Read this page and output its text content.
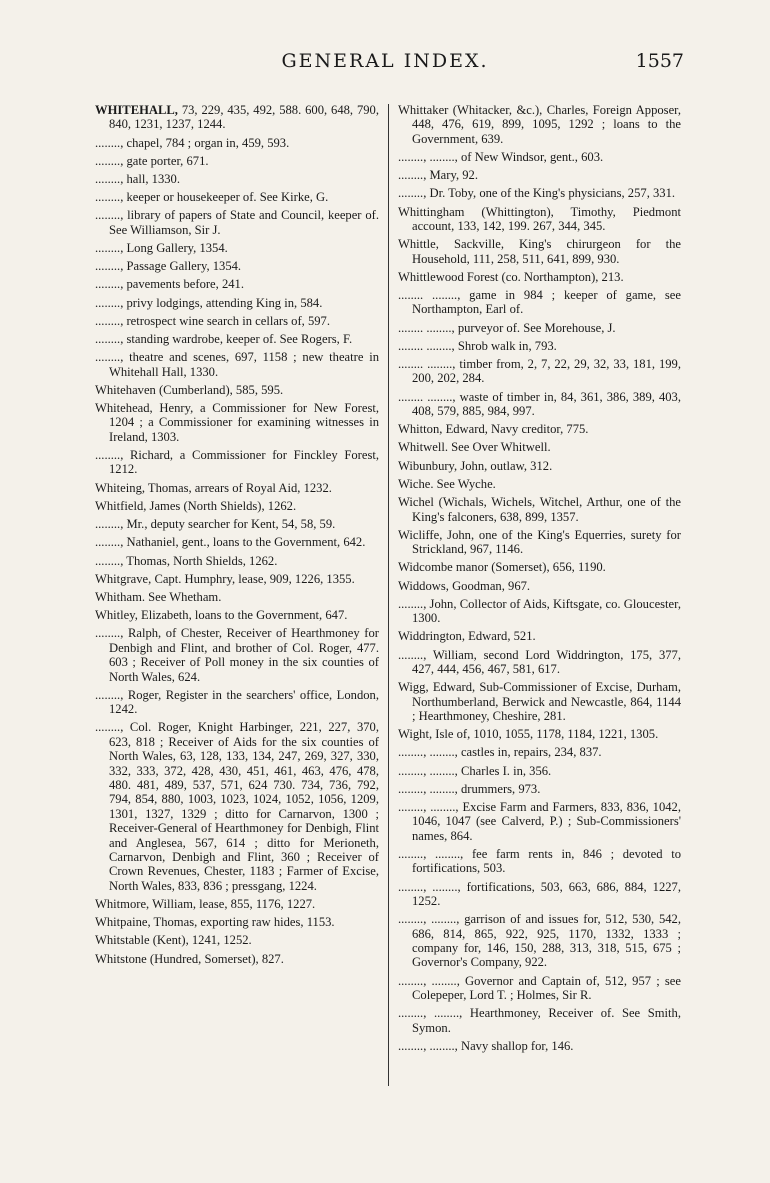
GENERAL INDEX.	1557

WHITEHALL, 73, 229, 435, 492, 588. 600, 648, 790, 840, 1231, 1237, 1244.

........, chapel, 784 ; organ in, 459, 593.

........, gate porter, 671.

........, hall, 1330.

........, keeper or housekeeper of. See Kirke, G.

........, library of papers of State and Council, keeper of. See Williamson, Sir J.

........, Long Gallery, 1354.

........, Passage Gallery, 1354.

........, pavements before, 241.

........, privy lodgings, attending King in, 584.

........, retrospect wine search in cellars of, 597.

........, standing wardrobe, keeper of. See Rogers, F.

........, theatre and scenes, 697, 1158 ; new theatre in Whitehall Hall, 1330.

Whitehaven (Cumberland), 585, 595.

Whitehead, Henry, a Commissioner for New Forest, 1204 ; a Commissioner for examining witnesses in Ireland, 1303.

........, Richard, a Commissioner for Finckley Forest, 1212.

Whiteing, Thomas, arrears of Royal Aid, 1232.

Whitfield, James (North Shields), 1262.

........, Mr., deputy searcher for Kent, 54, 58, 59.

........, Nathaniel, gent., loans to the Government, 642.

........, Thomas, North Shields, 1262.

Whitgrave, Capt. Humphry, lease, 909, 1226, 1355.

Whitham. See Whetham.

Whitley, Elizabeth, loans to the Government, 647.

........, Ralph, of Chester, Receiver of Hearthmoney for Denbigh and Flint, and brother of Col. Roger, 477. 603 ; Receiver of Poll money in the six counties of North Wales, 624.

........, Roger, Register in the searchers' office, London, 1242.

........, Col. Roger, Knight Harbinger, 221, 227, 370, 623, 818 ; Receiver of Aids for the six counties of North Wales, 63, 128, 133, 134, 247, 269, 327, 330, 332, 333, 372, 428, 430, 451, 461, 463, 476, 478, 480. 481, 489, 537, 571, 624 730. 734, 736, 792, 794, 854, 880, 1003, 1023, 1024, 1052, 1056, 1209, 1301, 1327, 1329 ; ditto for Carnarvon, 1300 ; Receiver-General of Hearthmoney for Denbigh, Flint and Anglesea, 567, 614 ; ditto for Merioneth, Carnarvon, Denbigh and Flint, 360 ; Receiver of Crown Revenues, Chester, 1183 ; Farmer of Excise, North Wales, 833, 836 ; pressgang, 1224.

Whitmore, William, lease, 855, 1176, 1227.

Whitpaine, Thomas, exporting raw hides, 1153.

Whitstable (Kent), 1241, 1252.

Whitstone (Hundred, Somerset), 827.

Whittaker (Whitacker, &c.), Charles, Foreign Apposer, 448, 476, 619, 899, 1095, 1292 ; loans to the Government, 639.

........, ........, of New Windsor, gent., 603.

........, Mary, 92.

........, Dr. Toby, one of the King's physicians, 257, 331.

Whittingham (Whittington), Timothy, Piedmont account, 133, 142, 199. 267, 344, 345.

Whittle, Sackville, King's chirurgeon for the Household, 111, 258, 511, 641, 899, 930.

Whittlewood Forest (co. Northampton), 213.

........ ........, game in 984 ; keeper of game, see Northampton, Earl of.

........ ........, purveyor of. See Morehouse, J.

........ ........, Shrob walk in, 793.

........ ........, timber from, 2, 7, 22, 29, 32, 33, 181, 199, 200, 202, 284.

........ ........, waste of timber in, 84, 361, 386, 389, 403, 408, 579, 885, 984, 997.

Whitton, Edward, Navy creditor, 775.

Whitwell. See Over Whitwell.

Wibunbury, John, outlaw, 312.

Wiche. See Wyche.

Wichel (Wichals, Wichels, Witchel, Arthur, one of the King's falconers, 638, 899, 1357.

Wicliffe, John, one of the King's Equerries, surety for Strickland, 967, 1146.

Widcombe manor (Somerset), 656, 1190.

Widdows, Goodman, 967.

........, John, Collector of Aids, Kiftsgate, co. Gloucester, 1300.

Widdrington, Edward, 521.

........, William, second Lord Widdrington, 175, 377, 427, 444, 456, 467, 581, 617.

Wigg, Edward, Sub-Commissioner of Excise, Durham, Northumberland, Berwick and Newcastle, 864, 1144 ; Hearthmoney, Cheshire, 281.

Wight, Isle of, 1010, 1055, 1178, 1184, 1221, 1305.

........, ........, castles in, repairs, 234, 837.

........, ........, Charles I. in, 356.

........, ........, drummers, 973.

........, ........, Excise Farm and Farmers, 833, 836, 1042, 1046, 1047 (see Calverd, P.) ; Sub-Commissioners' names, 864.

........, ........, fee farm rents in, 846 ; devoted to fortifications, 503.

........, ........, fortifications, 503, 663, 686, 884, 1227, 1252.

........, ........, garrison of and issues for, 512, 530, 542, 686, 814, 865, 922, 925, 1170, 1332, 1333 ; company for, 146, 150, 288, 313, 318, 515, 675 ; Governor's Company, 922.

........, ........, Governor and Captain of, 512, 957 ; see Colepeper, Lord T. ; Holmes, Sir R.

........, ........, Hearthmoney, Receiver of. See Smith, Symon.

........, ........, Navy shallop for, 146.
